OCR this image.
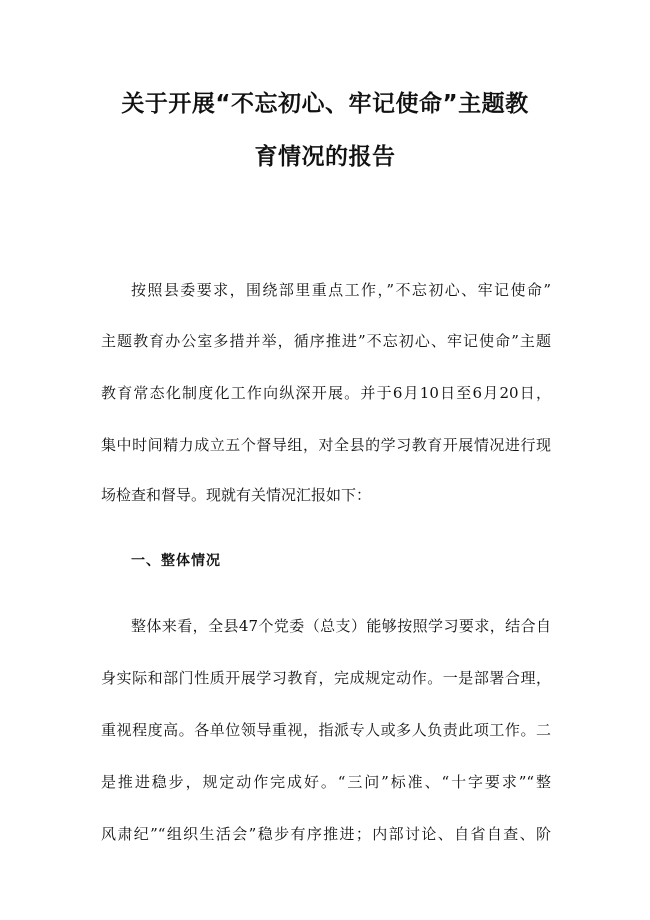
关于开展“不忘初心、牢记使命”主题教
育情况的报告

按照县委要求，围绕部里重点工作，”不忘初心、牢记使命”

主题教育办公室多措并举，循序推进”不忘初心、牢记使命”主题

教育常态化制度化工作向纵深开展。并于6月10日至6月20日，

集中时间精力成立五个督导组，对全县的学习教育开展情况进行现

场检查和督导。现就有关情况汇报如下：

一、整体情况

整体来看，全县47个党委（总支）能够按照学习要求，结合自

身实际和部门性质开展学习教育，完成规定动作。一是部署合理，

重视程度高。各单位领导重视，指派专人或多人负责此项工作。二

是推进稳步，规定动作完成好。“三问”标准、“十字要求”“整

风肃纪”“组织生活会”稳步有序推进；内部讨论、自省自查、阶
